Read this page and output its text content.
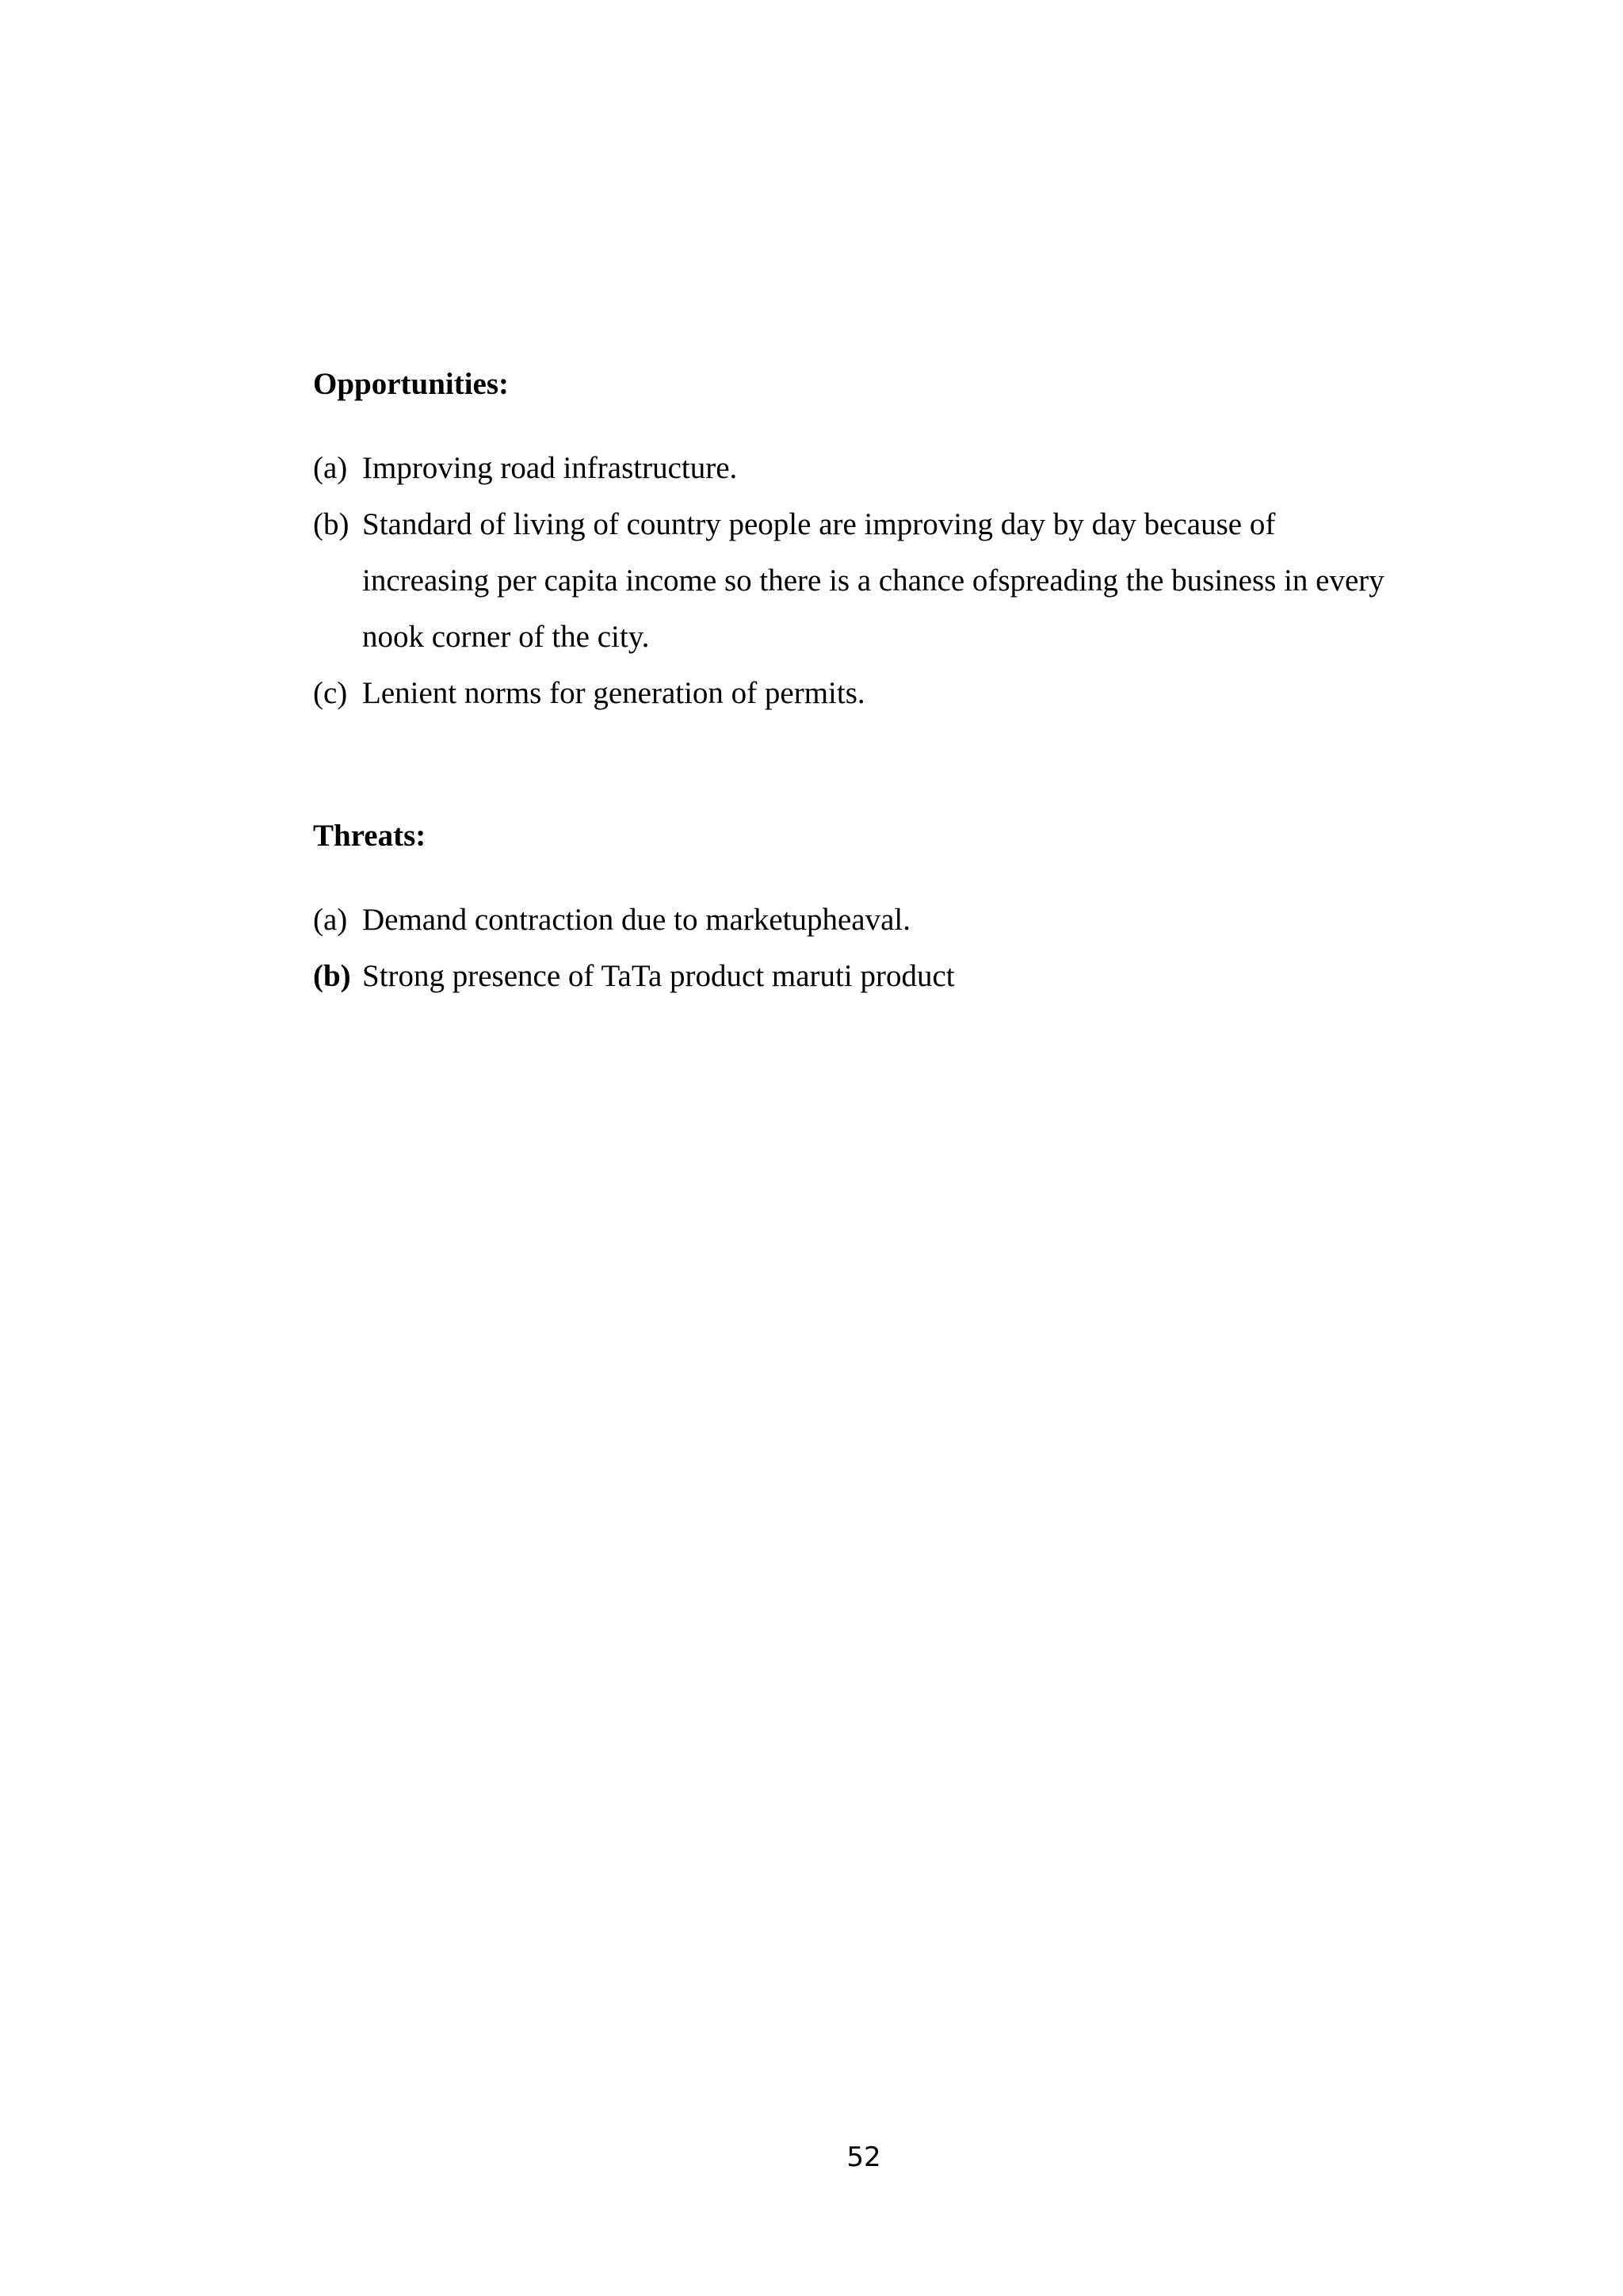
Opportunities:
(a) Improving road infrastructure.
(b) Standard of living of country people are improving day by day because of increasing per capita income so there is a chance ofspreading the business in every nook corner of the city.
(c) Lenient norms for generation of permits.
Threats:
(a) Demand contraction due to marketupheaval.
(b) Strong presence of TaTa product maruti product
52
